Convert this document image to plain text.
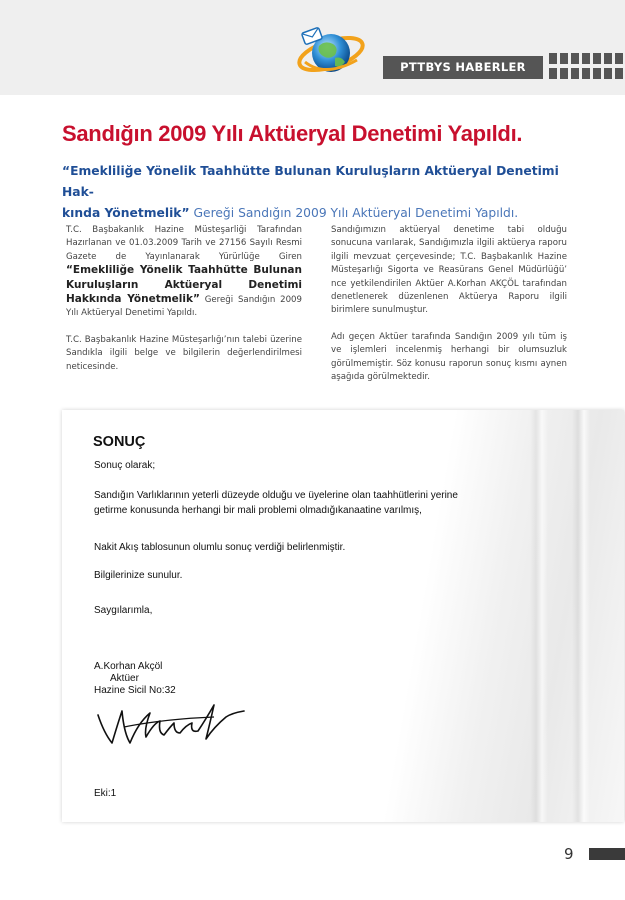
PTTBYS HABERLER
Sandığın 2009 Yılı Aktüeryal Denetimi Yapıldı.
“Emekliliğe Yönelik Taahhütte Bulunan Kuruluşların Aktüeryal Denetimi Hak-
kında Yönetmelik” Gereği Sandığın 2009 Yılı Aktüeryal Denetimi Yapıldı.

T.C. Başbakanlık Hazine Müsteşarliği Tarafından Hazırlanan ve 01.03.2009 Tarih ve 27156 Sayılı Resmi Gazete de Yayınlanarak Yürürlüğe Giren “Emekliliğe Yönelik Taahhütte Bulunan Kuruluşların Aktüeryal Denetimi Hakkında Yönetmelik” Gereği Sandığın 2009 Yılı Aktüeryal Denetimi Yapıldı.

T.C. Başbakanlık Hazine Müsteşarlığı’nın talebi üzerine Sandıkla ilgili belge ve bilgilerin değerlendirilmesi neticesinde.

Sandığımızın aktüeryal denetime tabi olduğu sonucuna varılarak, Sandığımızla ilgili aktüerya raporu ilgili mevzuat çerçevesinde; T.C. Başbakanlık Hazine Müsteşarlığı Sigorta ve Reasürans Genel Müdürlüğü’ nce yetkilendirilen Aktüer A.Korhan AKÇÖL tarafından denetlenerek düzenlenen Aktüerya Raporu ilgili birimlere sunulmuştur.

Adı geçen Aktüer tarafında Sandığın 2009 yılı tüm iş ve işlemleri incelenmiş herhangi bir olumsuzluk görülmemiştir. Söz konusu raporun sonuç kısmı aynen aşağıda görülmektedir.

SONUÇ
Sonuç olarak;
Sandığın Varlıklarının yeterli düzeyde olduğu ve üyelerine olan taahhütlerini yerine
getirme konusunda herhangi bir mali problemi olmadığıkanaatine varılmış,
Nakit Akış tablosunun olumlu sonuç verdiği belirlenmiştir.
Bilgilerinize sunulur.
Saygılarımla,
A.Korhan Akçöl
Aktüer
Hazine Sicil No:32
Eki:1
9
